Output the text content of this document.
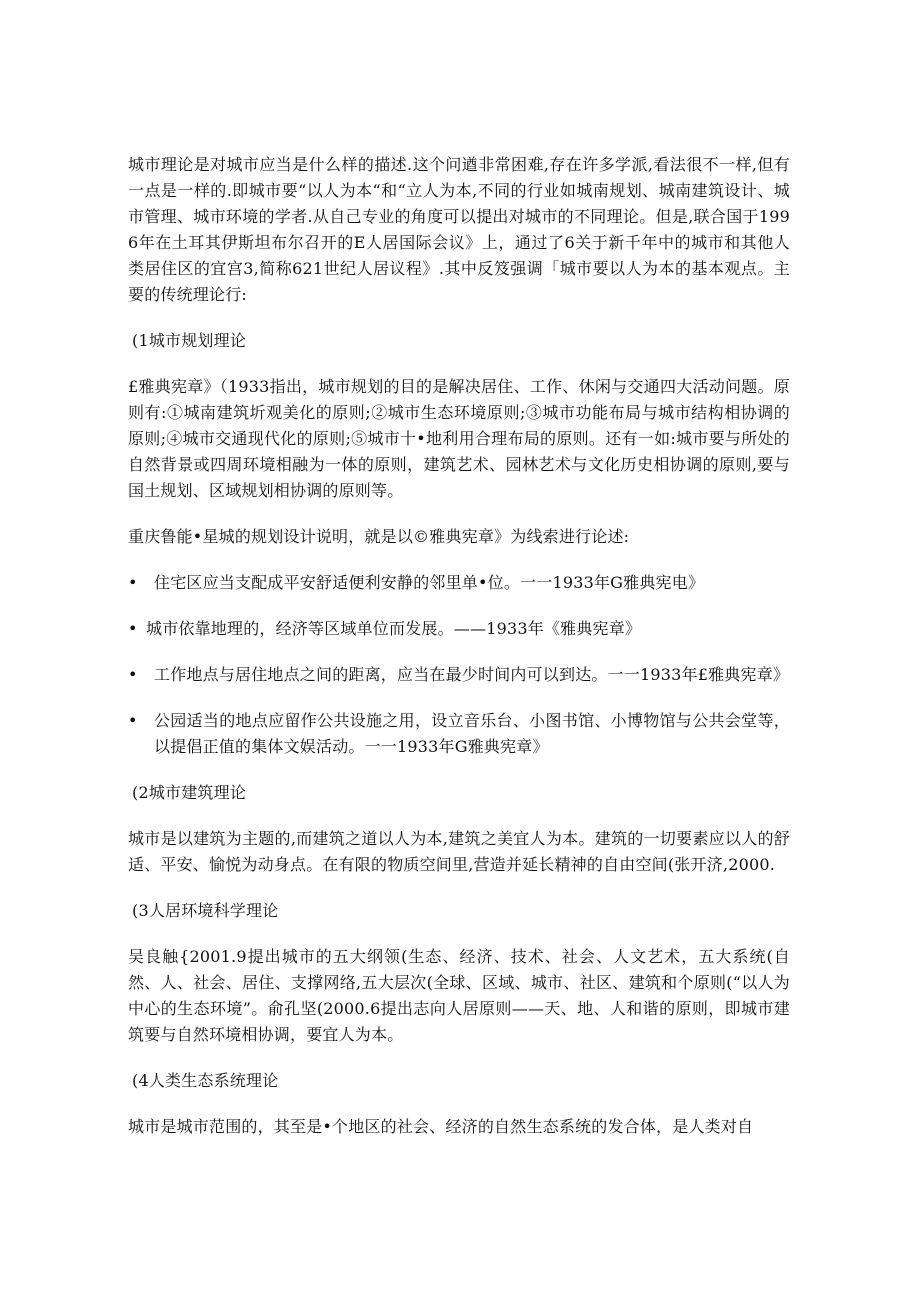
城市理论是对城市应当是什么样的描述.这个问遒非常困难,存在许多学派,看法很不一样,但有一点是一样的.即城市要“以人为本“和“立人为本,不同的行业如城南规划、城南建筑设计、城市管理、城市环境的学者.从自己专业的角度可以提出对城市的不同理论。但是,联合国于1996年在土耳其伊斯坦布尔召开的E人居国际会议》上，通过了6关于新千年中的城市和其他人类居住区的宜宫3,简称621世纪人居议程》.其中反笈强调「城市要以人为本的基本观点。主要的传统理论行:

(1城市规划理论

£雅典宪章》（1933指出，城市规划的目的是解决居住、工作、休闲与交通四大活动问题。原则有:①城南建筑圻观美化的原则;②城市生态环境原则;③城市功能布局与城市结构相协调的原则;④城市交通现代化的原则;⑤城市十•地利用合理布局的原则。还有一如:城市要与所处的自然背景或四周环境相融为一体的原则，建筑艺术、园林艺术与文化历史相协调的原则,要与国土规划、区域规划相协调的原则等。

重庆鲁能•星城的规划设计说明，就是以©雅典宪章》为线索进行论述:

• 住宅区应当支配成平安舒适便利安静的邻里单•位。一一1933年G雅典宪电》
• 城市依靠地理的，经济等区域单位而发展。——1933年《雅典宪章》
• 工作地点与居住地点之间的距离，应当在最少时间内可以到达。一一1933年£雅典宪章》
• 公园适当的地点应留作公共设施之用，设立音乐台、小图书馆、小博物馆与公共会堂等，以提倡正值的集体文娱活动。一一1933年G雅典宪章》

(2城市建筑理论

城市是以建筑为主题的,而建筑之道以人为本,建筑之美宜人为本。建筑的一切要素应以人的舒适、平安、愉悦为动身点。在有限的物质空间里,营造并延长精神的自由空间(张开济,2000.

(3人居环境科学理论

吴良触{2001.9提出城市的五大纲领(生态、经济、技术、社会、人文艺术，五大系统(自然、人、社会、居住、支撑网络,五大层次(全球、区域、城市、社区、建筑和个原则(“以人为中心的生态环境”。俞孔坚(2000.6提出志向人居原则——天、地、人和谐的原则，即城市建筑要与自然环境相协调，要宜人为本。

(4人类生态系统理论

城市是城市范围的，其至是•个地区的社会、经济的自然生态系统的发合体，是人类对自
